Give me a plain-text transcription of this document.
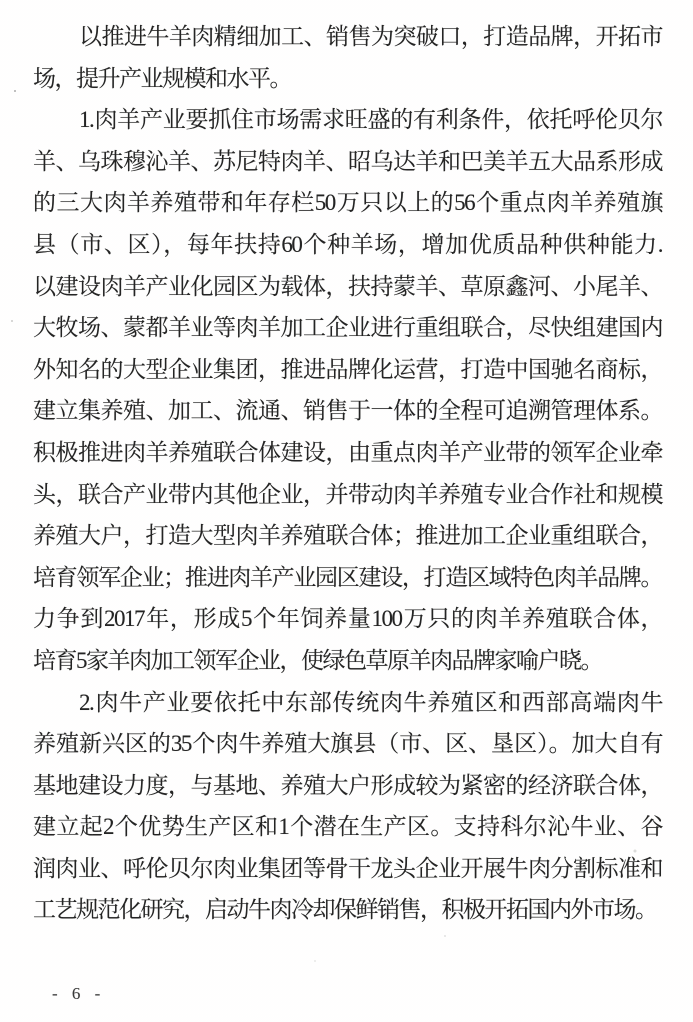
以推进牛羊肉精细加工、销售为突破口，打造品牌，开拓市
场，提升产业规模和水平。
1.肉羊产业要抓住市场需求旺盛的有利条件，依托呼伦贝尔
羊、乌珠穆沁羊、苏尼特肉羊、昭乌达羊和巴美羊五大品系形成
的三大肉羊养殖带和年存栏50万只以上的56个重点肉羊养殖旗
县（市、区），每年扶持60个种羊场，增加优质品种供种能力.
以建设肉羊产业化园区为载体，扶持蒙羊、草原鑫河、小尾羊、
大牧场、蒙都羊业等肉羊加工企业进行重组联合，尽快组建国内
外知名的大型企业集团，推进品牌化运营，打造中国驰名商标，
建立集养殖、加工、流通、销售于一体的全程可追溯管理体系。
积极推进肉羊养殖联合体建设，由重点肉羊产业带的领军企业牵
头，联合产业带内其他企业，并带动肉羊养殖专业合作社和规模
养殖大户，打造大型肉羊养殖联合体；推进加工企业重组联合，
培育领军企业；推进肉羊产业园区建设，打造区域特色肉羊品牌。
力争到2017年，形成5个年饲养量100万只的肉羊养殖联合体，
培育5家羊肉加工领军企业，使绿色草原羊肉品牌家喻户晓。
2.肉牛产业要依托中东部传统肉牛养殖区和西部高端肉牛
养殖新兴区的35个肉牛养殖大旗县（市、区、垦区）。加大自有
基地建设力度，与基地、养殖大户形成较为紧密的经济联合体，
建立起2个优势生产区和1个潜在生产区。支持科尔沁牛业、谷
润肉业、呼伦贝尔肉业集团等骨干龙头企业开展牛肉分割标准和
工艺规范化研究，启动牛肉冷却保鲜销售，积极开拓国内外市场。
- 6 -
